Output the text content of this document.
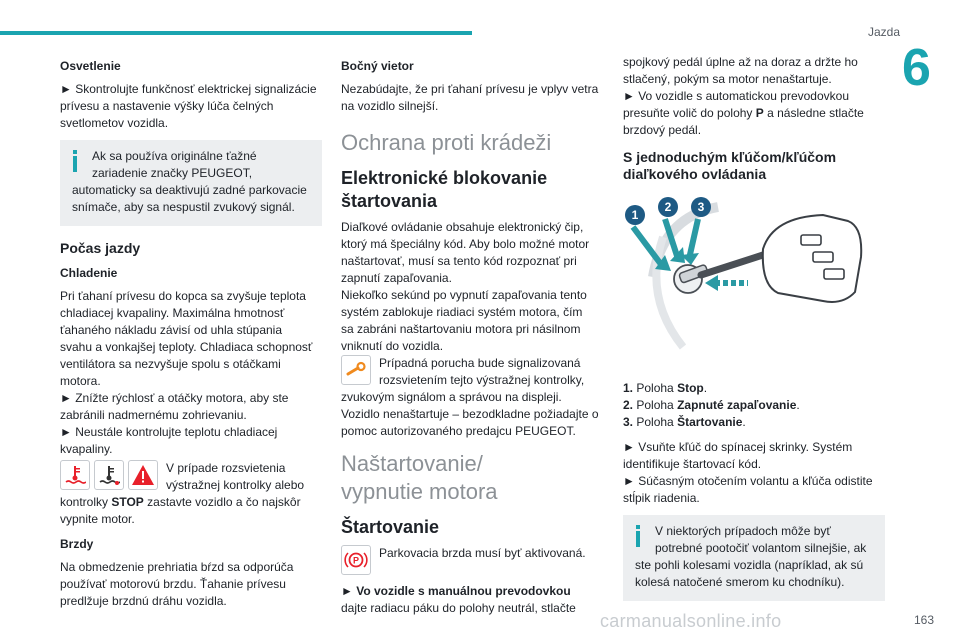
Jazda
6
Osvetlenie
► Skontrolujte funkčnosť elektrickej signalizácie prívesu a nastavenie výšky lúča čelných svetlometov vozidla.
Ak sa používa originálne ťažné zariadenie značky PEUGEOT,
automaticky sa deaktivujú zadné parkovacie snímače, aby sa nespustil zvukový signál.
Počas jazdy
Chladenie
Pri ťahaní prívesu do kopca sa zvyšuje teplota
chladiacej kvapaliny. Maximálna hmotnosť
ťahaného nákladu závisí od uhla stúpania
svahu a vonkajšej teploty. Chladiaca schopnosť
ventilátora sa nezvyšuje spolu s otáčkami
motora.
► Znížte rýchlosť a otáčky motora, aby ste
zabránili nadmernému zohrievaniu.
► Neustále kontrolujte teplotu chladiacej
kvapaliny.
V prípade rozsvietenia
výstražnej kontrolky alebo
kontrolky STOP zastavte vozidlo a čo najskôr vypnite motor.
Brzdy
Na obmedzenie prehriatia bŕzd sa odporúča
používať motorovú brzdu. Ťahanie prívesu
predlžuje brzdnú dráhu vozidla.
Bočný vietor
Nezabúdajte, že pri ťahaní prívesu je vplyv vetra
na vozidlo silnejší.
Ochrana proti krádeži
Elektronické blokovanie
štartovania
Diaľkové ovládanie obsahuje elektronický čip,
ktorý má špeciálny kód. Aby bolo možné motor
naštartovať, musí sa tento kód rozpoznať pri
zapnutí zapaľovania.
Niekoľko sekúnd po vypnutí zapaľovania tento
systém zablokuje riadiaci systém motora, čím
sa zabráni naštartovaniu motora pri násilnom
vniknutí do vozidla.
Prípadná porucha bude signalizovaná
rozsvietením tejto výstražnej kontrolky,
zvukovým signálom a správou na displeji.
Vozidlo nenaštartuje – bezodkladne požiadajte o
pomoc autorizovaného predajcu PEUGEOT.
Naštartovanie/
vypnutie motora
Štartovanie
P
Parkovacia brzda musí byť aktivovaná.
► Vo vozidle s manuálnou prevodovkou
dajte radiacu páku do polohy neutrál, stlačte
spojkový pedál úplne až na doraz a držte ho
stlačený, pokým sa motor nenaštartuje.
► Vo vozidle s automatickou prevodovkou
presuňte volič do polohy P a následne stlačte
brzdový pedál.
S jednoduchým kľúčom/kľúčom
diaľkového ovládania
1
2 3
1. Poloha Stop.
2. Poloha Zapnuté zapaľovanie.
3. Poloha Štartovanie.
► Vsuňte kľúč do spínacej skrinky. Systém
identifikuje štartovací kód.
► Súčasným otočením volantu a kľúča odistite
stĺpik riadenia.
V niektorých prípadoch môže byť
potrebné pootočiť volantom silnejšie, ak
ste pohli kolesami vozidla (napríklad, ak sú
kolesá natočené smerom ku chodníku).
carmanualsonline.info	163
